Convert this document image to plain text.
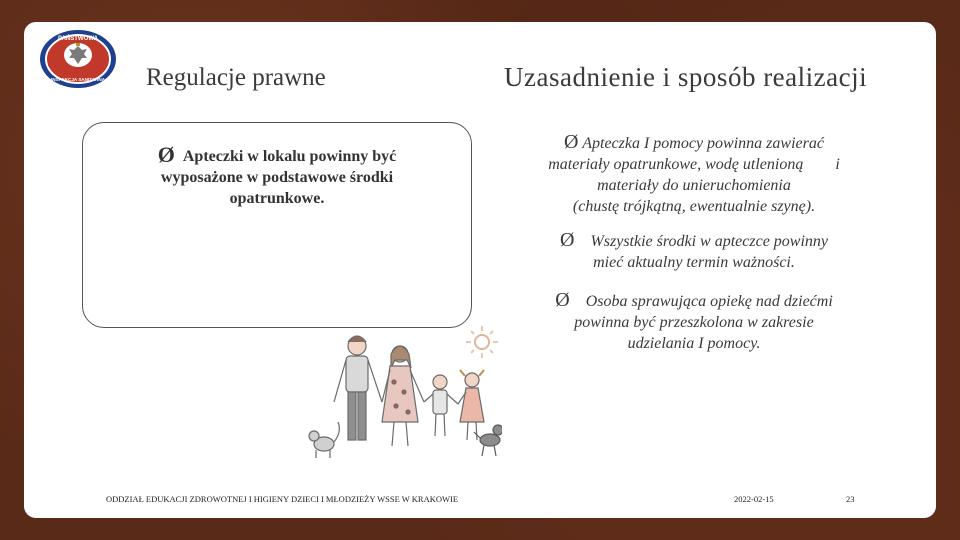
PAŃSTWOWA
INSPEKCJA SANITARNA Regulacje prawne	Uzasadnienie i sposób realizacji
Ø Apteczki w lokalu powinny być
wyposażone w podstawowe środki
opatrunkowe.
Ø Apteczka I pomocy powinna zawierać
materiały opatrunkowe, wodę utlenioną        i
materiały do unieruchomienia
(chustę trójkątną, ewentualnie szynę).
Ø Wszystkie środki w apteczce powinny
mieć aktualny termin ważności.
Ø Osoba sprawująca opiekę nad dziećmi
powinna być przeszkolona w zakresie
udzielania I pomocy.
ODDZIAŁ EDUKACJI ZDROWOTNEJ I HIGIENY DZIECI I MŁODZIEŻY WSSE W KRAKOWIE	2022-02-15	23
